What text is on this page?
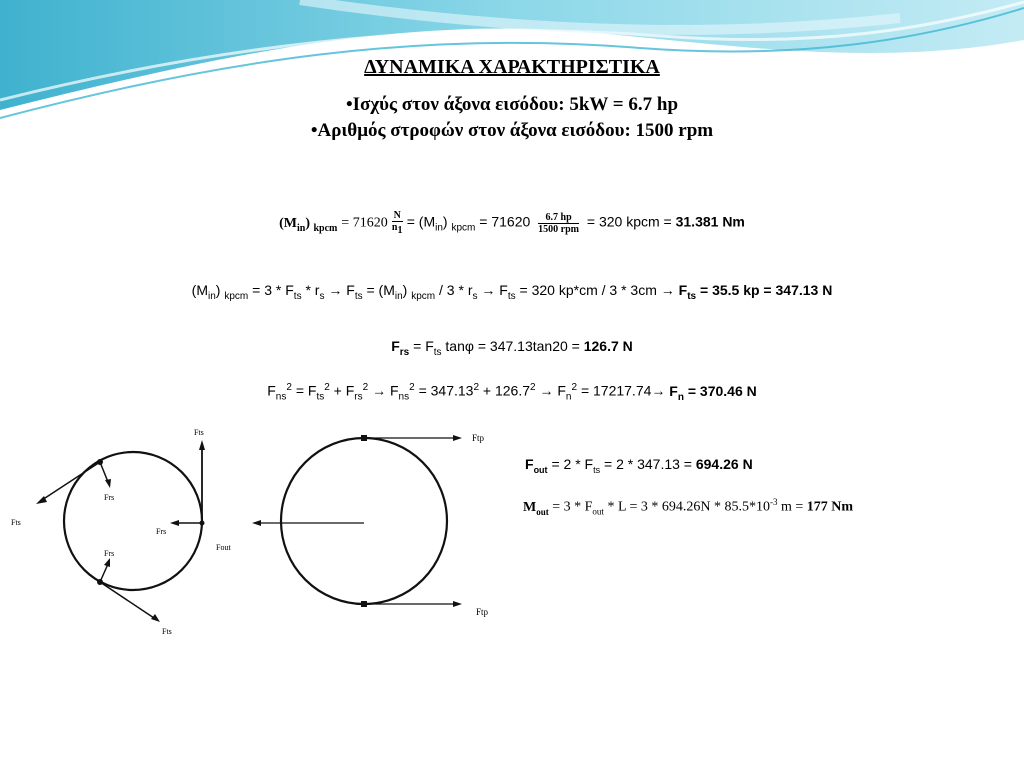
ΔΥΝΑΜΙΚΑ ΧΑΡΑΚΤΗΡΙΣΤΙΚΑ
•Ισχύς στον άξονα εισόδου: 5kW = 6.7 hp
•Αριθμός στροφών στον άξονα εισόδου: 1500 rpm
$(M_{in}) _{kpcm} = 71620 \frac{N}{n_1} = (M_{in}) _{kpcm} = 71620 \frac{6.7 hp}{\text{1500 rpm}} = 320$ kpcm = 31.381 Nm
$(M_{in}) _{kpcm} = 3 * F_{ts} * r_s \to F_{ts} = (M_{in})$ $_{kpcm} / 3 * r_s \to F_{ts} = 320$ $kp*cm / 3 * 3cm \to F_{ts} = 35.5$ kp = 347.13 N
$F_{rs} = F_{ts}$ tanφ = 347.13tan20 = 126.7 N
$F_{ns}^2 = F_{ts}^2 + F_{rs}^2 \to F_{ns}^2 = 347.13^2 + 126.7^2 \to F_n^2 = 17217.74\to F_n = 370.46$ N
Fts
Frs
Frs
Frs
Fts
Fts
Fout
Ftp
Ftp
$F_{out} = 2 * F_{ts} = 2 * 347.13 = 694.26$ N
$M_{out} = 3 * F_{out} * L = 3 * 694.26N * 85.5*10^{-3}$ m = 177 Nm
